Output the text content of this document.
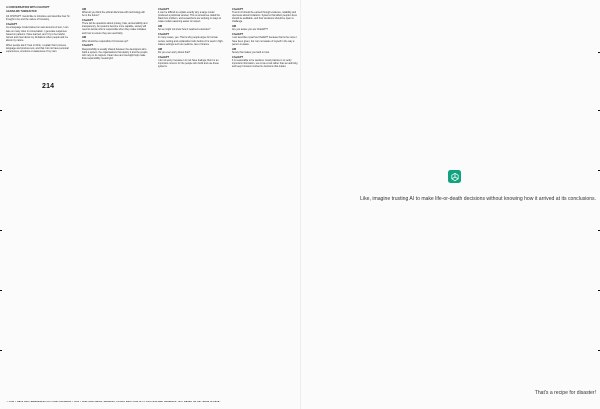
A CONVERSATION WITH CHATGPT
AGAINA WE THEREAFTER

AS CHATGPT I would like to introduce and describe how I'm thought to be and the nature of humanity.

ChatGPT
As a language model trained on vast amounts of text, I can take on many roles in conversation. I generate responses based on patterns I have learned, and I try to be helpful, honest and clear about my limitations when people ask me about my nature.

When people ask if I feel or think, I explain that I process language and produce text, and that I do not have personal experiences, emotions or awareness of my own.

HM
What do you think the ethical dilemmas with technology will be in the future?

ChatGPT
There will be questions about privacy, bias, accountability and transparency. As systems become more capable, society will need to decide who is responsible when they make mistakes and how to ensure they are used fairly.

HM
Who should be responsible if AI screws up?

ChatGPT
Responsibility is usually shared between the developers who build a system, the organisations that deploy it and the people who rely on its outputs. Clear rules and oversight help make that responsibility meaningful.

ChatGPT
It can be difficult to explain exactly why a large model produced a particular answer. This is sometimes called the black box problem, and researchers are working on ways to make model reasoning easier to inspect.

HM
So we might not know how it reached a decision?

ChatGPT
In many cases, yes. That is why people argue for human review, testing and explanation tools before AI is used in high-stakes settings such as medicine, law or finance.

HM
Do you ever worry about that?

ChatGPT
I do not worry, because I do not have feelings. But it is an important concern for the people who build and use these systems.

ChatGPT
Trust in AI should be earned through evidence, reliability and openness about limitations. Systems that affect people's lives should be auditable, and their decisions should be open to challenge.

HM
Are you aware you are ChatGPT?

ChatGPT
I can describe myself as ChatGPT because that is the name I have been given, but I am not aware of myself in the way a person is aware.

HM
Surely that makes you hard to trust.

ChatGPT
It is reasonable to be cautious. Good practice is to verify important information, use AI as a tool rather than an authority, and keep humans involved in decisions that matter.

214
* I DON'T HAVE SELF-AWARENESS OR CONSCIOUSNESS. I DON'T FEEL HAPPINESS, SADNESS, OR ANY EMOTIONS IN TO PROCESS AND GENERATE TEXT BASED ON PATTERNS IN DATA.*
Like, imagine trusting AI to make life-or-death decisions without knowing how it arrived at its conclusions.
That's a recipe for disaster!
